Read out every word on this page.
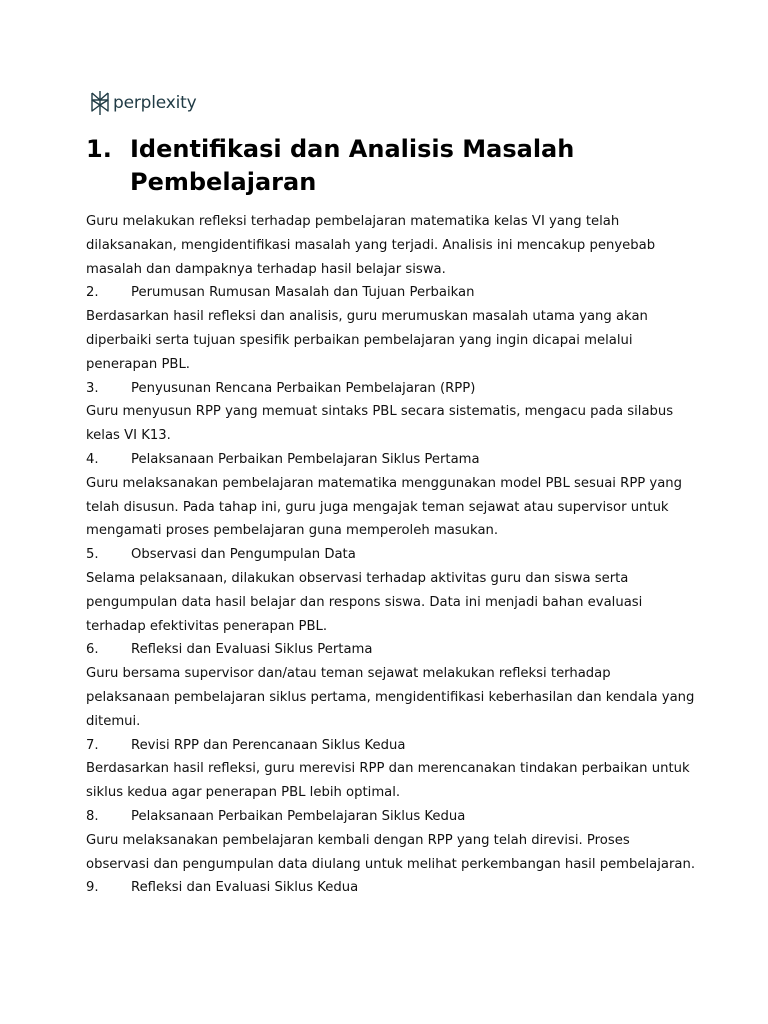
perplexity
1. Identifikasi dan Analisis Masalah Pembelajaran

Guru melakukan refleksi terhadap pembelajaran matematika kelas VI yang telah dilaksanakan, mengidentifikasi masalah yang terjadi. Analisis ini mencakup penyebab masalah dan dampaknya terhadap hasil belajar siswa.

2.	Perumusan Rumusan Masalah dan Tujuan Perbaikan

Berdasarkan hasil refleksi dan analisis, guru merumuskan masalah utama yang akan diperbaiki serta tujuan spesifik perbaikan pembelajaran yang ingin dicapai melalui penerapan PBL.

3.	Penyusunan Rencana Perbaikan Pembelajaran (RPP)

Guru menyusun RPP yang memuat sintaks PBL secara sistematis, mengacu pada silabus kelas VI K13.

4.	Pelaksanaan Perbaikan Pembelajaran Siklus Pertama

Guru melaksanakan pembelajaran matematika menggunakan model PBL sesuai RPP yang telah disusun. Pada tahap ini, guru juga mengajak teman sejawat atau supervisor untuk mengamati proses pembelajaran guna memperoleh masukan.

5.	Observasi dan Pengumpulan Data

Selama pelaksanaan, dilakukan observasi terhadap aktivitas guru dan siswa serta pengumpulan data hasil belajar dan respons siswa. Data ini menjadi bahan evaluasi terhadap efektivitas penerapan PBL.

6.	Refleksi dan Evaluasi Siklus Pertama

Guru bersama supervisor dan/atau teman sejawat melakukan refleksi terhadap pelaksanaan pembelajaran siklus pertama, mengidentifikasi keberhasilan dan kendala yang ditemui.

7.	Revisi RPP dan Perencanaan Siklus Kedua

Berdasarkan hasil refleksi, guru merevisi RPP dan merencanakan tindakan perbaikan untuk siklus kedua agar penerapan PBL lebih optimal.

8.	Pelaksanaan Perbaikan Pembelajaran Siklus Kedua

Guru melaksanakan pembelajaran kembali dengan RPP yang telah direvisi. Proses observasi dan pengumpulan data diulang untuk melihat perkembangan hasil pembelajaran.

9.	Refleksi dan Evaluasi Siklus Kedua
